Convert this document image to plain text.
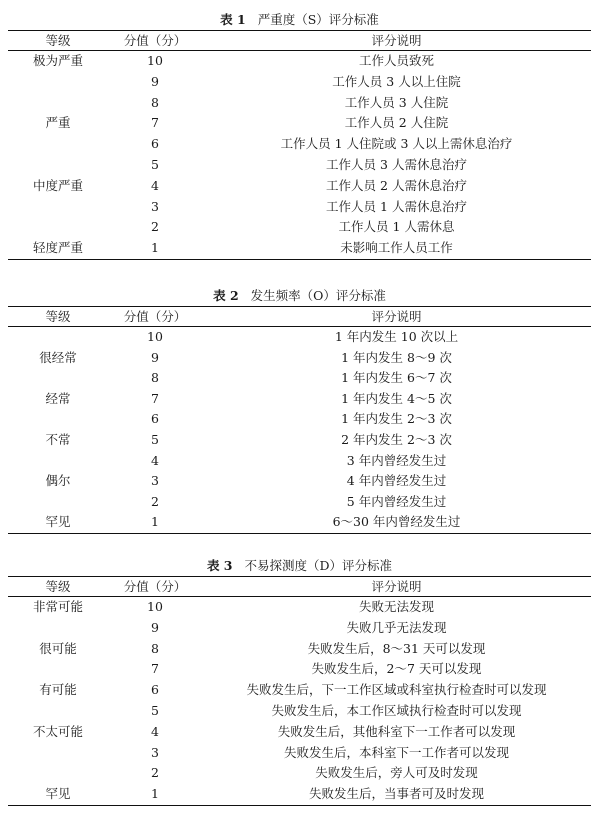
表 1 严重度（S）评分标准
等级	分值（分）	评分说明
极为严重	10	工作人员致死
	9	工作人员 3 人以上住院
	8	工作人员 3 人住院
严重	7	工作人员 2 人住院
	6	工作人员 1 人住院或 3 人以上需休息治疗
	5	工作人员 3 人需休息治疗
中度严重	4	工作人员 2 人需休息治疗
	3	工作人员 1 人需休息治疗
	2	工作人员 1 人需休息
轻度严重	1	未影响工作人员工作
表 2 发生频率（O）评分标准
等级	分值（分）	评分说明
	10	1 年内发生 10 次以上
很经常	9	1 年内发生 8～9 次
	8	1 年内发生 6～7 次
经常	7	1 年内发生 4～5 次
	6	1 年内发生 2～3 次
不常	5	2 年内发生 2～3 次
	4	3 年内曾经发生过
偶尔	3	4 年内曾经发生过
	2	5 年内曾经发生过
罕见	1	6～30 年内曾经发生过
表 3 不易探测度（D）评分标准
等级	分值（分）	评分说明
非常可能	10	失败无法发现
	9	失败几乎无法发现
很可能	8	失败发生后，8～31 天可以发现
	7	失败发生后，2～7 天可以发现
有可能	6	失败发生后，下一工作区域或科室执行检查时可以发现
	5	失败发生后，本工作区域执行检查时可以发现
不太可能	4	失败发生后，其他科室下一工作者可以发现
	3	失败发生后，本科室下一工作者可以发现
	2	失败发生后，旁人可及时发现
罕见	1	失败发生后，当事者可及时发现
